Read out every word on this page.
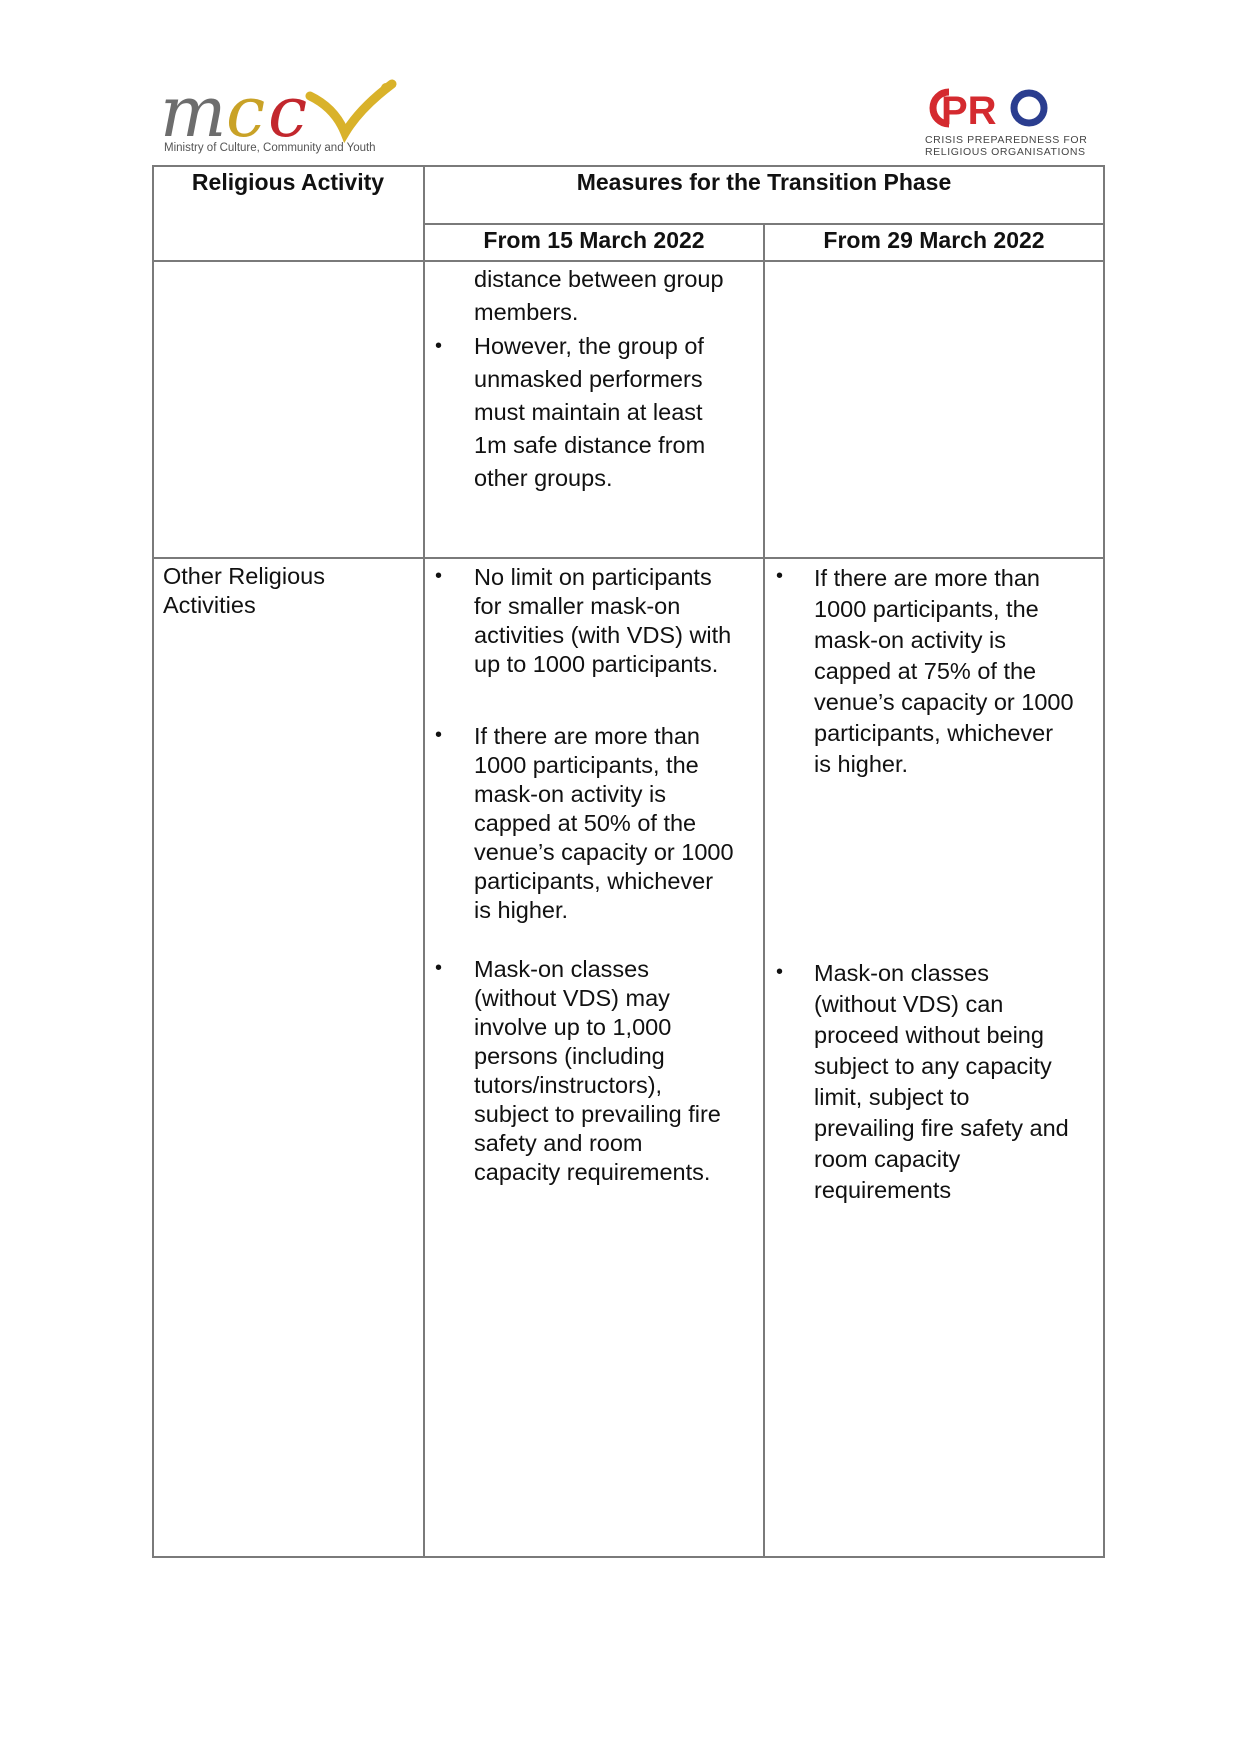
m c c
Ministry of Culture, Community and Youth
PR
CRISIS PREPAREDNESS FOR
RELIGIOUS ORGANISATIONS
Religious Activity	Measures for the Transition Phase
From 15 March 2022	From 29 March 2022

distance between group

members.

• However, the group of

unmasked performers

must maintain at least

1m safe distance from

other groups.

Other Religious

Activities

• No limit on participants

for smaller mask-on

activities (with VDS) with

up to 1000 participants.

• If there are more than

1000 participants, the

mask-on activity is

capped at 50% of the

venue’s capacity or 1000

participants, whichever

is higher.

• Mask-on classes

(without VDS) may

involve up to 1,000

persons (including

tutors/instructors),

subject to prevailing fire

safety and room

capacity requirements.

• If there are more than

1000 participants, the

mask-on activity is

capped at 75% of the

venue’s capacity or 1000

participants, whichever

is higher.

• Mask-on classes

(without VDS) can

proceed without being

subject to any capacity

limit, subject to

prevailing fire safety and

room capacity

requirements
